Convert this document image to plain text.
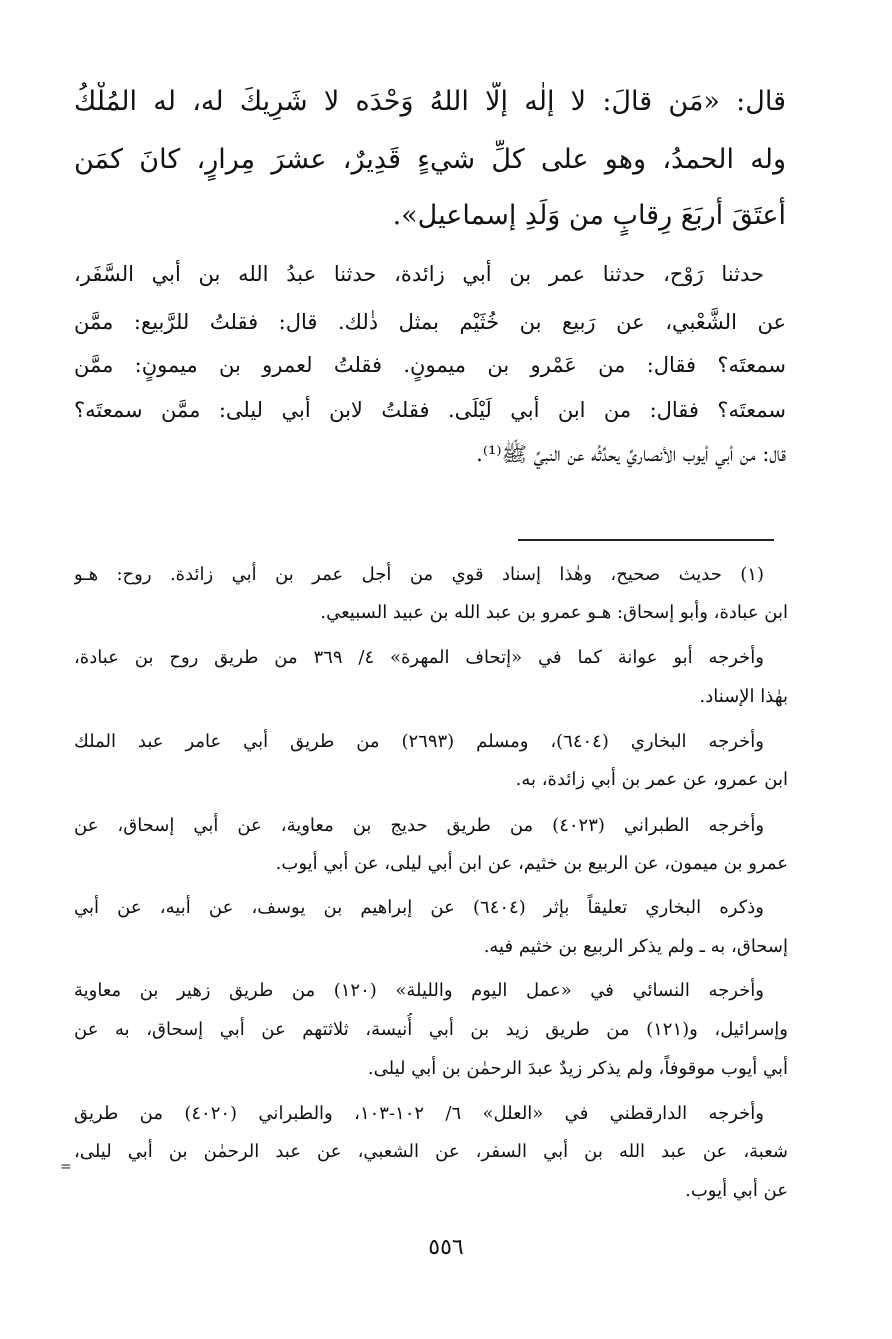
قال: «مَن قالَ: لا إلٰه إلّا اللهُ وَحْدَه لا شَرِيكَ له، له المُلْكُ
وله الحمدُ، وهو على كلِّ شيءٍ قَدِيرٌ، عشرَ مِرارٍ، كانَ كمَن
أَعتَقَ أَربَعَ رِقابٍ من وَلَدِ إسماعيل».
حدثنا رَوْح، حدثنا عمر بن أبي زائدة، حدثنا عبدُ الله بن أبي السَّفَر،
عن الشَّعْبي، عن رَبيع بن خُثَيْم بمثل ذٰلك. قال: فقلتُ للرَّبيع: ممَّن
سمعتَه؟ فقال: من عَمْرو بن ميمونٍ. فقلتُ لعمرو بن ميمونٍ: ممَّن
سمعتَه؟ فقال: من ابن أبي لَيْلَى. فقلتُ لابن أبي ليلى: ممَّن سمعتَه؟
قال: من أبي أيوب الأنصاريِّ يحدِّثُه عن النبيِّ ﷺ⁽¹⁾.
(١) حديث صحيح، وهٰذا إسناد قوي من أجل عمر بن أبي زائدة. روح: هـو
ابن عبادة، وأبو إسحاق: هـو عمرو بن عبد الله بن عبيد السبيعي.
وأخرجه أبو عوانة كما في «إتحاف المهرة» ٤/ ٣٦٩ من طريق روح بن عبادة،
بهٰذا الإسناد.
وأخرجه البخاري (٦٤٠٤)، ومسلم (٢٦٩٣) من طريق أبي عامر عبد الملك
ابن عمرو، عن عمر بن أبي زائدة، به.
وأخرجه الطبراني (٤٠٢٣) من طريق حديج بن معاوية، عن أبي إسحاق، عن
عمرو بن ميمون، عن الربيع بن خثيم، عن ابن أبي ليلى، عن أبي أيوب.
وذكره البخاري تعليقاً بإثر (٦٤٠٤) عن إبراهيم بن يوسف، عن أبيه، عن أبي
إسحاق، به ـ ولم يذكر الربيع بن خثيم فيه.
وأخرجه النسائي في «عمل اليوم والليلة» (١٢٠) من طريق زهير بن معاوية
وإسرائيل، و(١٢١) من طريق زيد بن أبي أُنيسة، ثلاثتهم عن أبي إسحاق، به عن
أبي أيوب موقوفاً، ولم يذكر زيدٌ عبدَ الرحمٰن بن أبي ليلى.
وأخرجه الدارقطني في «العلل» ٦/ ١٠٢-١٠٣، والطبراني (٤٠٢٠) من طريق
شعبة، عن عبد الله بن أبي السفر، عن الشعبي، عن عبد الرحمٰن بن أبي ليلى،
عن أبي أيوب.
=
٥٥٦
